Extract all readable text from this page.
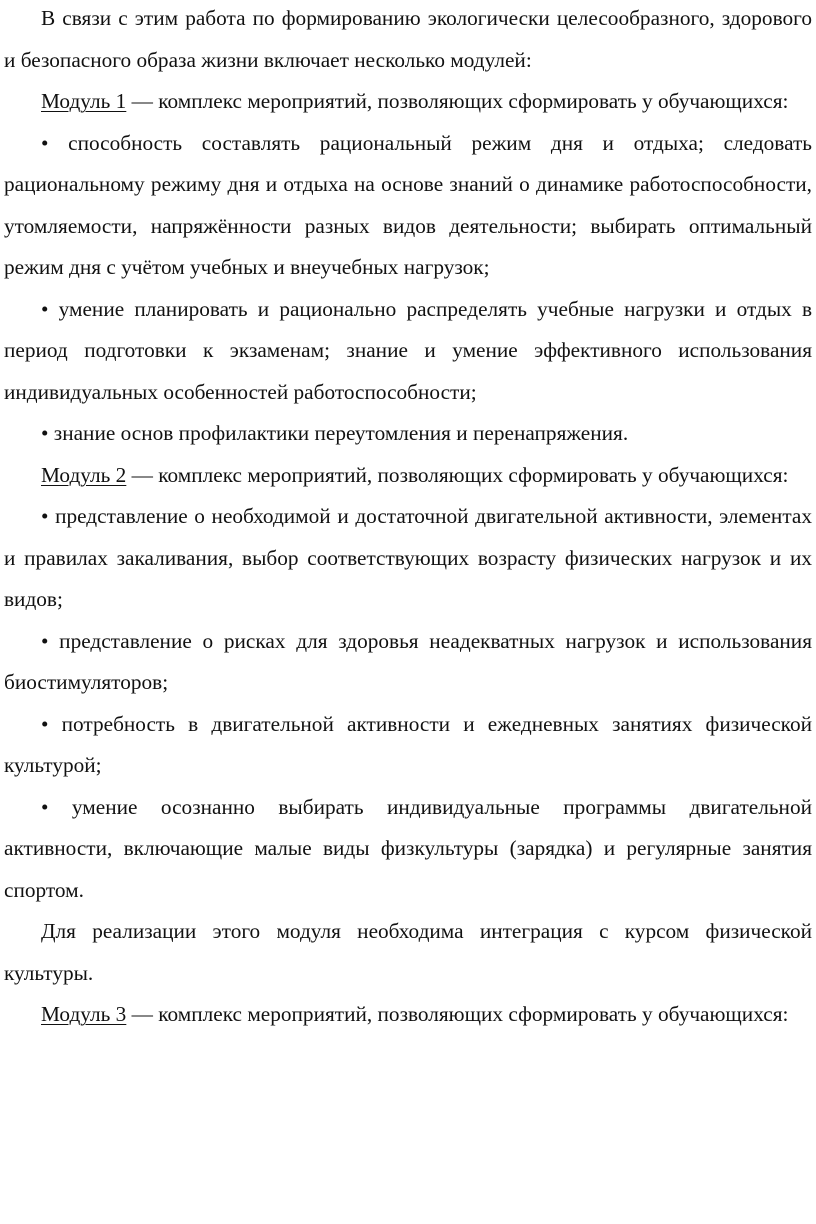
В связи с этим работа по формированию экологически целесообразного, здорового и безопасного образа жизни включает несколько модулей:

Модуль 1 — комплекс мероприятий, позволяющих сформировать у обучающихся:

• способность составлять рациональный режим дня и отдыха; следовать рациональному режиму дня и отдыха на основе знаний о динамике работоспособности, утомляемости, напряжённости разных видов деятельности; выбирать оптимальный режим дня с учётом учебных и внеучебных нагрузок;

• умение планировать и рационально распределять учебные нагрузки и отдых в период подготовки к экзаменам; знание и умение эффективного использования индивидуальных особенностей работоспособности;

• знание основ профилактики переутомления и перенапряжения.

Модуль 2 — комплекс мероприятий, позволяющих сформировать у обучающихся:

• представление о необходимой и достаточной двигательной активности, элементах и правилах закаливания, выбор соответствующих возрасту физических нагрузок и их видов;

• представление о рисках для здоровья неадекватных нагрузок и использования биостимуляторов;

• потребность в двигательной активности и ежедневных занятиях физической культурой;

• умение осознанно выбирать индивидуальные программы двигательной активности, включающие малые виды физкультуры (зарядка) и регулярные занятия спортом.

Для реализации этого модуля необходима интеграция с курсом физической культуры.

Модуль 3 — комплекс мероприятий, позволяющих сформировать у обучающихся:
